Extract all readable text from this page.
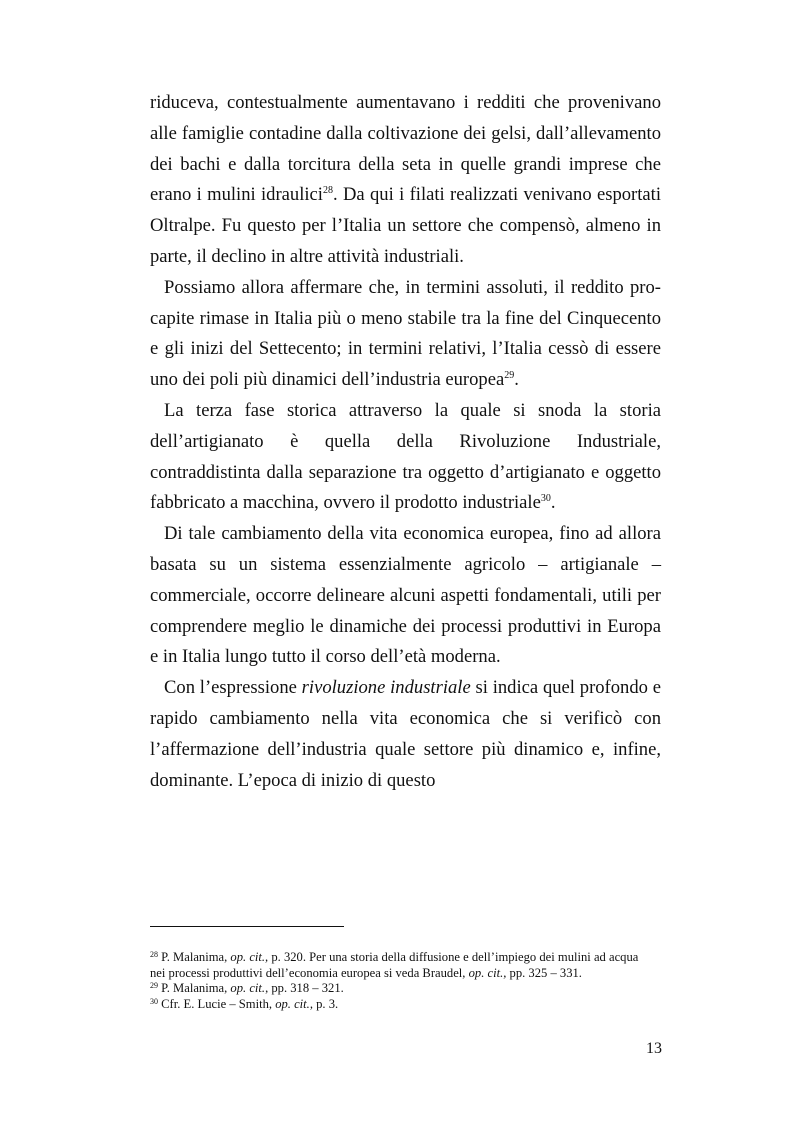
riduceva, contestualmente aumentavano i redditi che provenivano alle famiglie contadine dalla coltivazione dei gelsi, dall’allevamento dei bachi e dalla torcitura della seta in quelle grandi imprese che erano i mulini idraulici$^{28}$. Da qui i filati realizzati venivano esportati Oltralpe. Fu questo per l’Italia un settore che compensò, almeno in parte, il declino in altre attività industriali.

Possiamo allora affermare che, in termini assoluti, il reddito pro-capite rimase in Italia più o meno stabile tra la fine del Cinquecento e gli inizi del Settecento; in termini relativi, l’Italia cessò di essere uno dei poli più dinamici dell’industria europea$^{29}$.

La terza fase storica attraverso la quale si snoda la storia dell’artigianato è quella della Rivoluzione Industriale, contraddistinta dalla separazione tra oggetto d’artigianato e oggetto fabbricato a macchina, ovvero il prodotto industriale$^{30}$.

Di tale cambiamento della vita economica europea, fino ad allora basata su un sistema essenzialmente agricolo – artigianale – commerciale, occorre delineare alcuni aspetti fondamentali, utili per comprendere meglio le dinamiche dei processi produttivi in Europa e in Italia lungo tutto il corso dell’età moderna.

Con l’espressione rivoluzione industriale si indica quel profondo e rapido cambiamento nella vita economica che si verificò con l’affermazione dell’industria quale settore più dinamico e, infine, dominante. L’epoca di inizio di questo

$^{28}$ P. Malanima, op. cit., p. 320. Per una storia della diffusione e dell’impiego dei mulini ad acqua nei processi produttivi dell’economia europea si veda Braudel, op. cit., pp. 325 – 331.

$^{29}$ P. Malanima, op. cit., pp. 318 – 321.

$^{30}$ Cfr. E. Lucie – Smith, op. cit., p. 3.

13
